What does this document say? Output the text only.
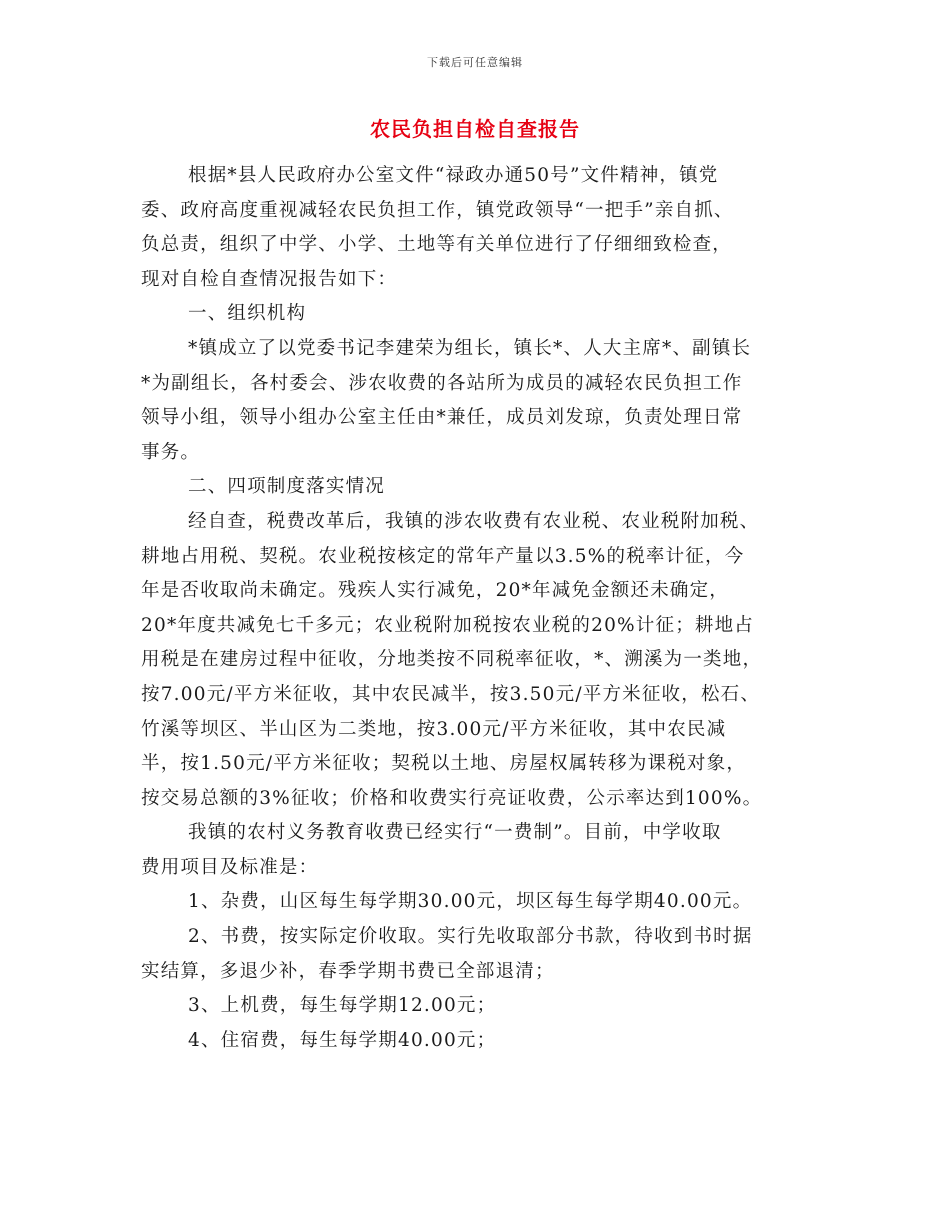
下载后可任意编辑
农民负担自检自查报告
根据*县人民政府办公室文件“禄政办通50号”文件精神，镇党
委、政府高度重视减轻农民负担工作，镇党政领导“一把手”亲自抓、
负总责，组织了中学、小学、土地等有关单位进行了仔细细致检查，
现对自检自查情况报告如下：
一、组织机构
*镇成立了以党委书记李建荣为组长，镇长*、人大主席*、副镇长
*为副组长，各村委会、涉农收费的各站所为成员的减轻农民负担工作
领导小组，领导小组办公室主任由*兼任，成员刘发琼，负责处理日常
事务。
二、四项制度落实情况
经自查，税费改革后，我镇的涉农收费有农业税、农业税附加税、
耕地占用税、契税。农业税按核定的常年产量以3.5%的税率计征，今
年是否收取尚未确定。残疾人实行减免，20*年减免金额还未确定，
20*年度共减免七千多元；农业税附加税按农业税的20%计征；耕地占
用税是在建房过程中征收，分地类按不同税率征收，*、溯溪为一类地，
按7.00元/平方米征收，其中农民减半，按3.50元/平方米征收，松石、
竹溪等坝区、半山区为二类地，按3.00元/平方米征收，其中农民减
半，按1.50元/平方米征收；契税以土地、房屋权属转移为课税对象，
按交易总额的3%征收；价格和收费实行亮证收费，公示率达到100%。
我镇的农村义务教育收费已经实行“一费制”。目前，中学收取
费用项目及标准是：
1、杂费，山区每生每学期30.00元，坝区每生每学期40.00元。
2、书费，按实际定价收取。实行先收取部分书款，待收到书时据
实结算，多退少补，春季学期书费已全部退清；
3、上机费，每生每学期12.00元；
4、住宿费，每生每学期40.00元；
